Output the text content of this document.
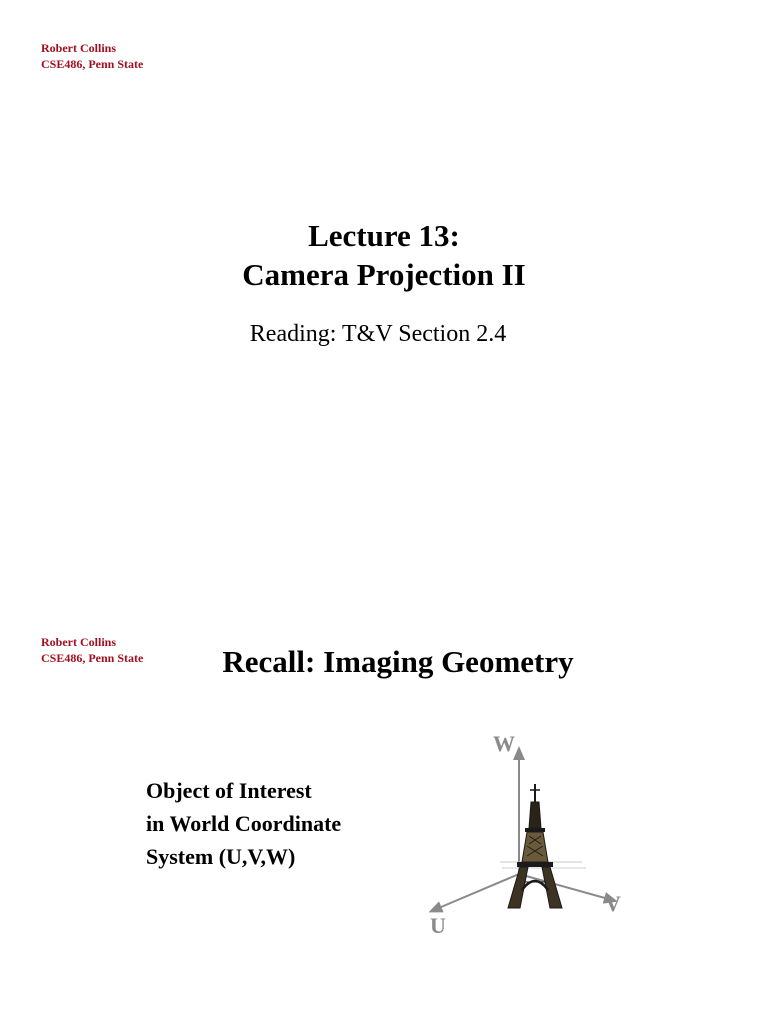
Robert Collins
CSE486, Penn State
Lecture 13:
Camera Projection II
Reading: T&V Section 2.4
Robert Collins
CSE486, Penn State	Recall: Imaging Geometry
Object of Interest
in World Coordinate
System (U,V,W)
W
V
U
